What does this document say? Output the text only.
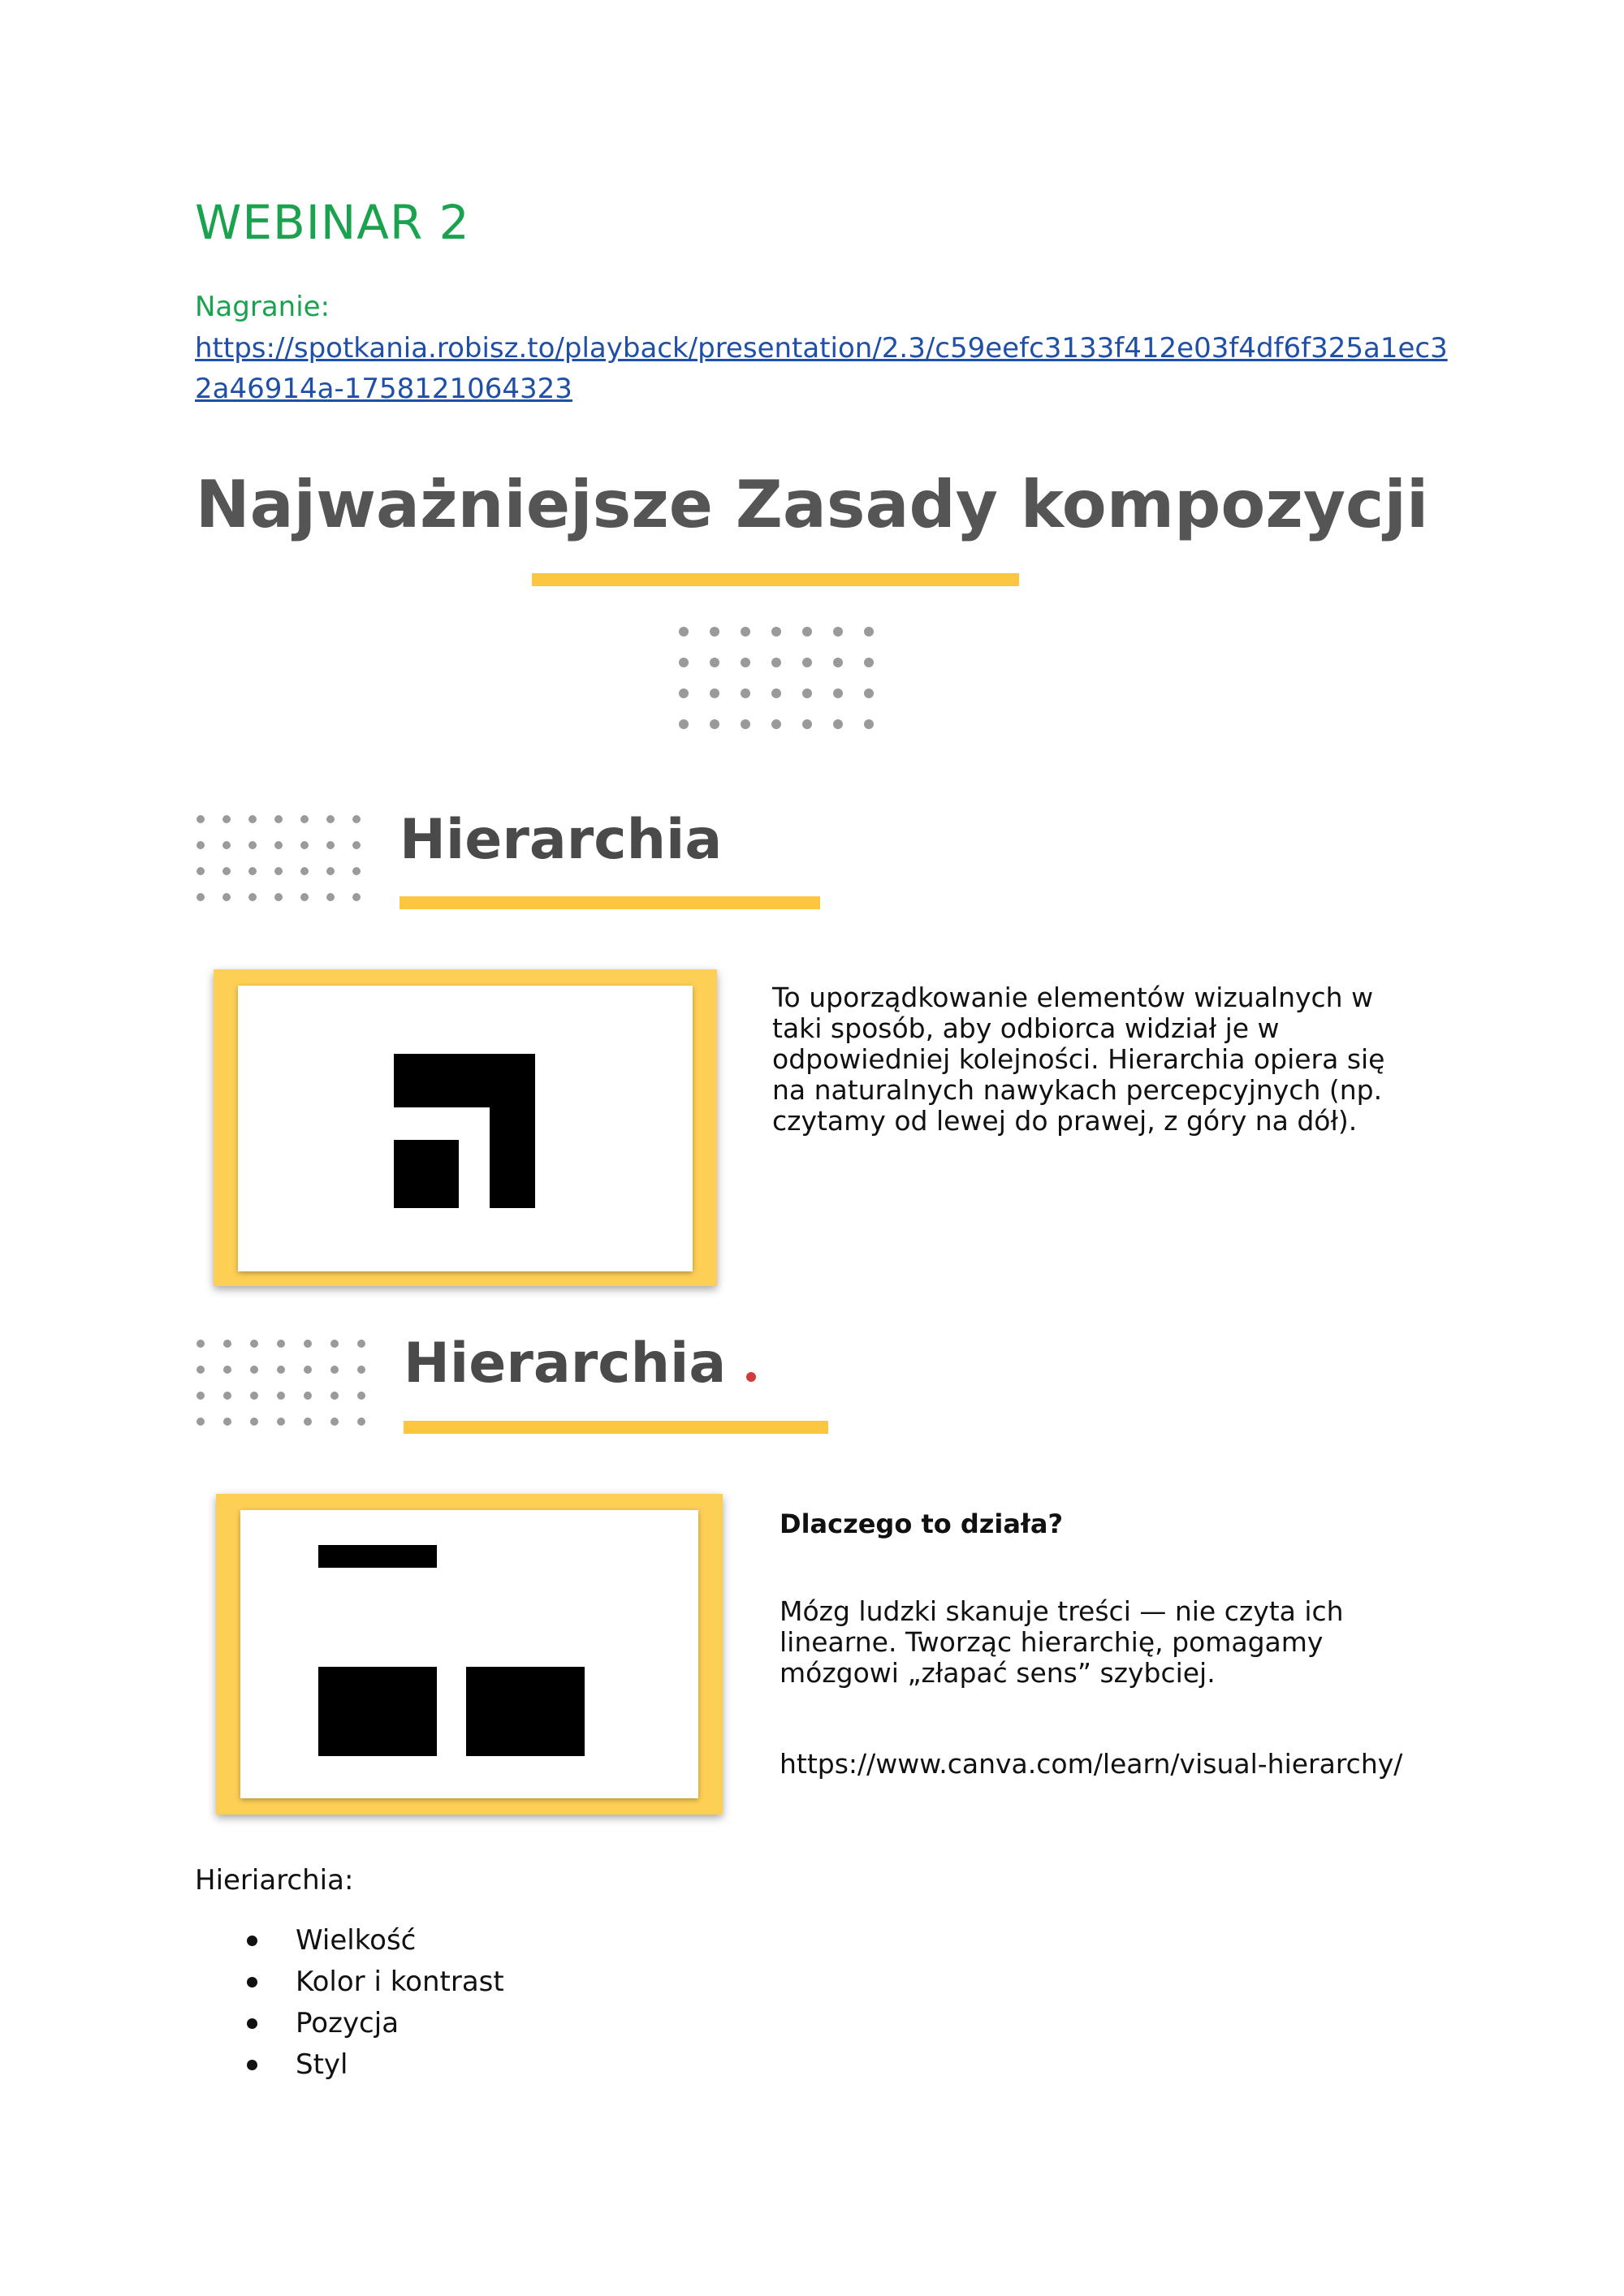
WEBINAR 2
Nagranie:
https://spotkania.robisz.to/playback/presentation/2.3/c59eefc3133f412e03f4df6f325a1ec32a46914a-1758121064323
Najważniejsze Zasady kompozycji
Hierarchia
To uporządkowanie elementów wizualnych w taki sposób, aby odbiorca widział je w odpowiedniej kolejności. Hierarchia opiera się na naturalnych nawykach percepcyjnych (np. czytamy od lewej do prawej, z góry na dół).
Hierarchia
Dlaczego to działa?
Mózg ludzki skanuje treści — nie czyta ich linearne. Tworząc hierarchię, pomagamy mózgowi „złapać sens” szybciej.
https://www.canva.com/learn/visual-hierarchy/
Hieriarchia:
Wielkość
Kolor i kontrast
Pozycja
Styl
